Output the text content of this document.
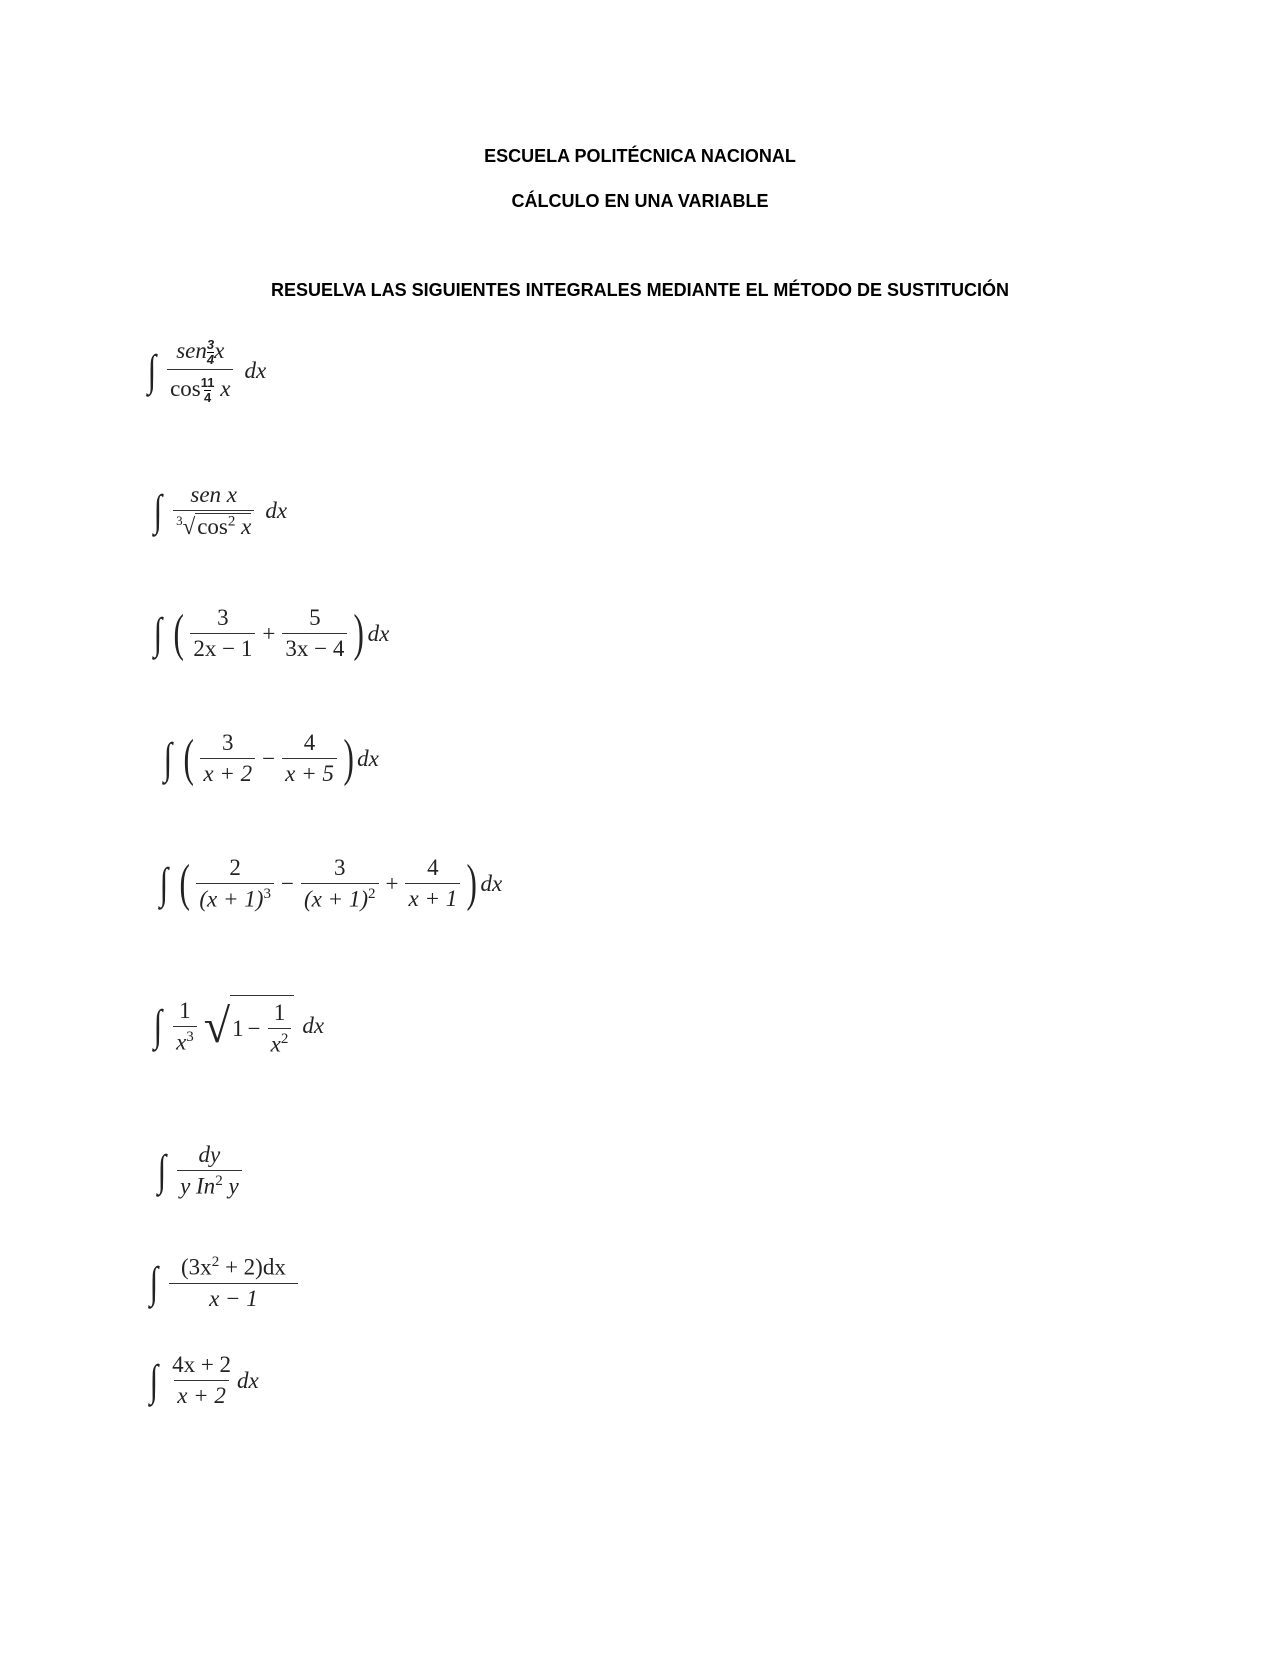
ESCUELA POLITÉCNICA NACIONAL
CÁLCULO EN UNA VARIABLE
RESUELVA LAS SIGUIENTES INTEGRALES MEDIANTE EL MÉTODO DE SUSTITUCIÓN
∫ $\frac{sen \frac{3}{4} x}{\cos \frac{11}{4} x}$ dx
∫ $\frac{\text{sen x}}{^3√\cos^2 x}$ dx
∫ ( $\frac{3}{2x - 1} + \frac{5}{3x - 4}$ ) dx
∫ ( $\frac{3}{x + 2} - \frac{4}{x + 5}$ ) dx
∫ ( $\frac{2}{(x + 1)^3} - \frac{3}{(x + 1)^2} + \frac{4}{x + 1}$ ) dx
∫ $\frac{1}{x^3}$ √ $1 - \frac{1}{x^2}$ dx
∫ $\frac{dy}{y In^2 y}$
∫ $\frac{(3x^2 + 2)dx}{x - 1}$
∫ $\frac{4x + 2}{x + 2}$ dx
